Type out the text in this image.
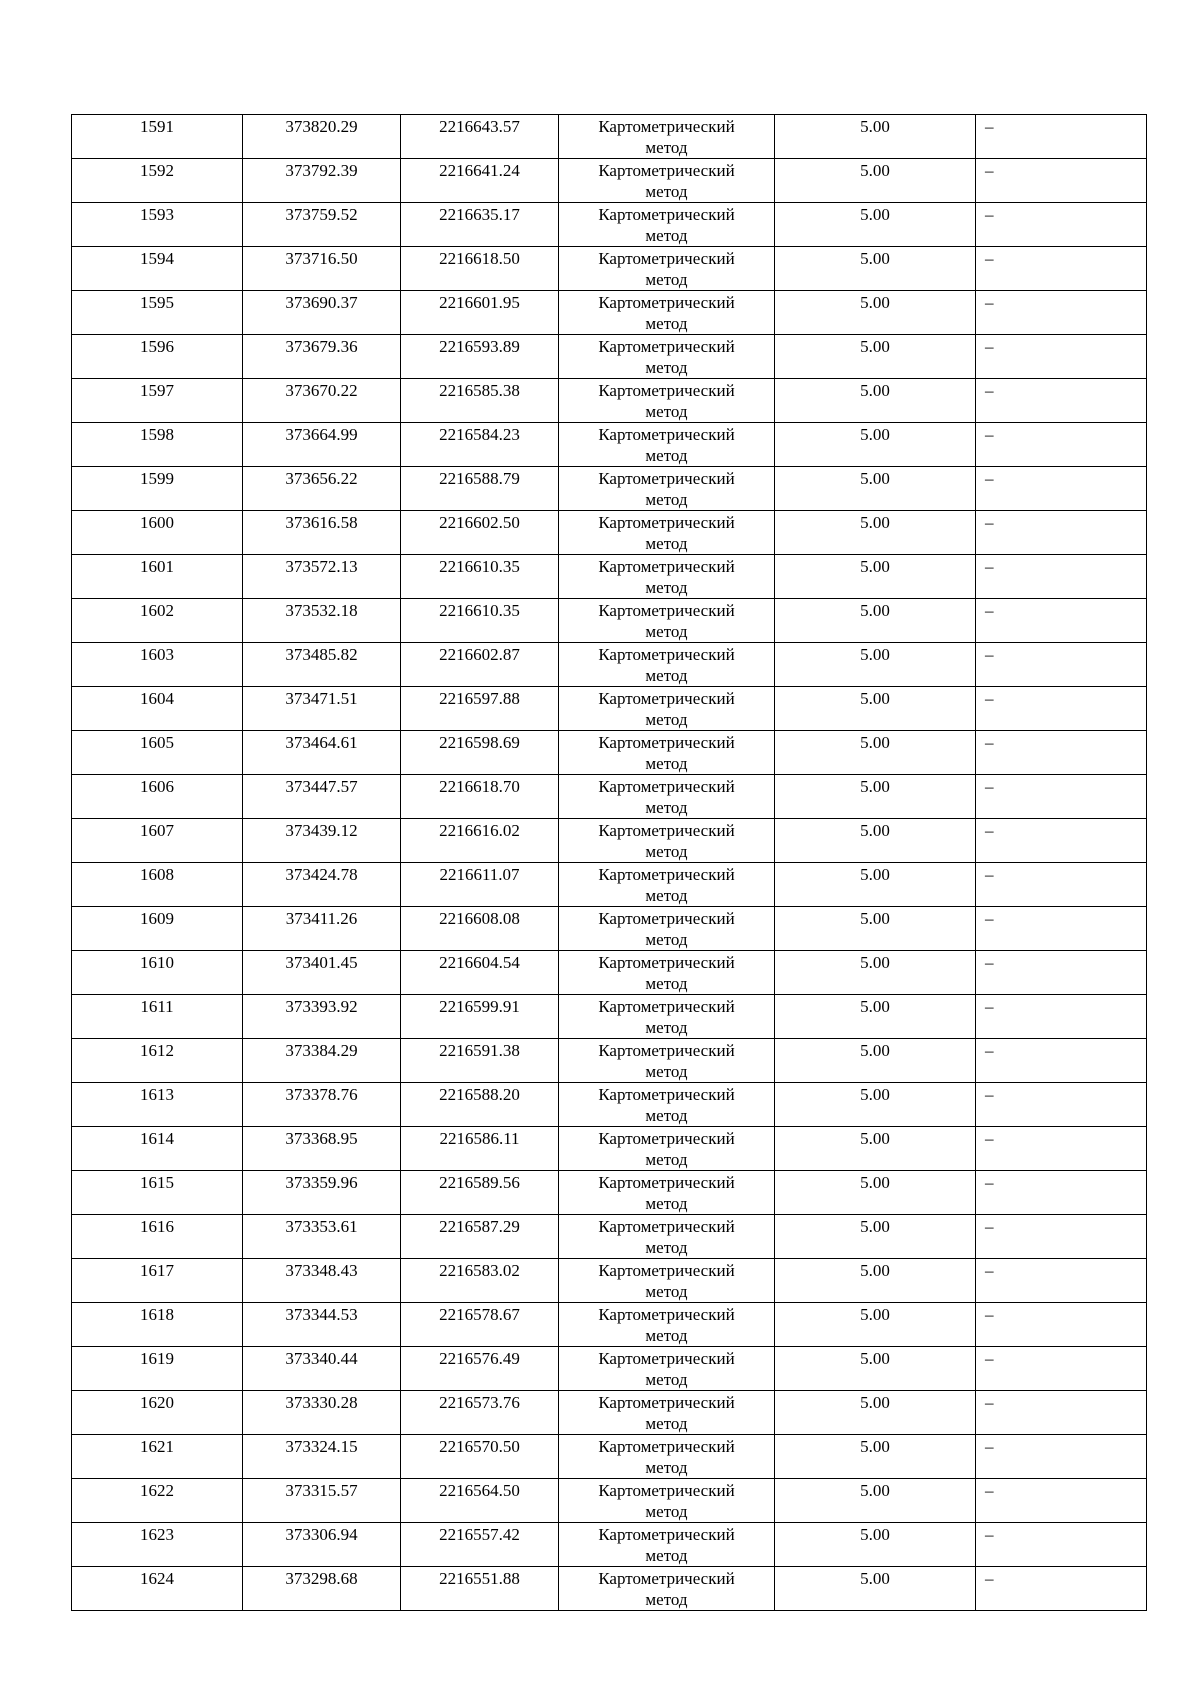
1591	373820.29	2216643.57	Картометрический
метод	5.00	–

1592	373792.39	2216641.24	Картометрический
метод	5.00	–

1593	373759.52	2216635.17	Картометрический
метод	5.00	–

1594	373716.50	2216618.50	Картометрический
метод	5.00	–

1595	373690.37	2216601.95	Картометрический
метод	5.00	–

1596	373679.36	2216593.89	Картометрический
метод	5.00	–

1597	373670.22	2216585.38	Картометрический
метод	5.00	–

1598	373664.99	2216584.23	Картометрический
метод	5.00	–

1599	373656.22	2216588.79	Картометрический
метод	5.00	–

1600	373616.58	2216602.50	Картометрический
метод	5.00	–

1601	373572.13	2216610.35	Картометрический
метод	5.00	–

1602	373532.18	2216610.35	Картометрический
метод	5.00	–

1603	373485.82	2216602.87	Картометрический
метод	5.00	–

1604	373471.51	2216597.88	Картометрический
метод	5.00	–

1605	373464.61	2216598.69	Картометрический
метод	5.00	–

1606	373447.57	2216618.70	Картометрический
метод	5.00	–

1607	373439.12	2216616.02	Картометрический
метод	5.00	–

1608	373424.78	2216611.07	Картометрический
метод	5.00	–

1609	373411.26	2216608.08	Картометрический
метод	5.00	–

1610	373401.45	2216604.54	Картометрический
метод	5.00	–

1611	373393.92	2216599.91	Картометрический
метод	5.00	–

1612	373384.29	2216591.38	Картометрический
метод	5.00	–

1613	373378.76	2216588.20	Картометрический
метод	5.00	–

1614	373368.95	2216586.11	Картометрический
метод	5.00	–

1615	373359.96	2216589.56	Картометрический
метод	5.00	–

1616	373353.61	2216587.29	Картометрический
метод	5.00	–

1617	373348.43	2216583.02	Картометрический
метод	5.00	–

1618	373344.53	2216578.67	Картометрический
метод	5.00	–

1619	373340.44	2216576.49	Картометрический
метод	5.00	–

1620	373330.28	2216573.76	Картометрический
метод	5.00	–

1621	373324.15	2216570.50	Картометрический
метод	5.00	–

1622	373315.57	2216564.50	Картометрический
метод	5.00	–

1623	373306.94	2216557.42	Картометрический
метод	5.00	–

1624	373298.68	2216551.88	Картометрический
метод	5.00	–
